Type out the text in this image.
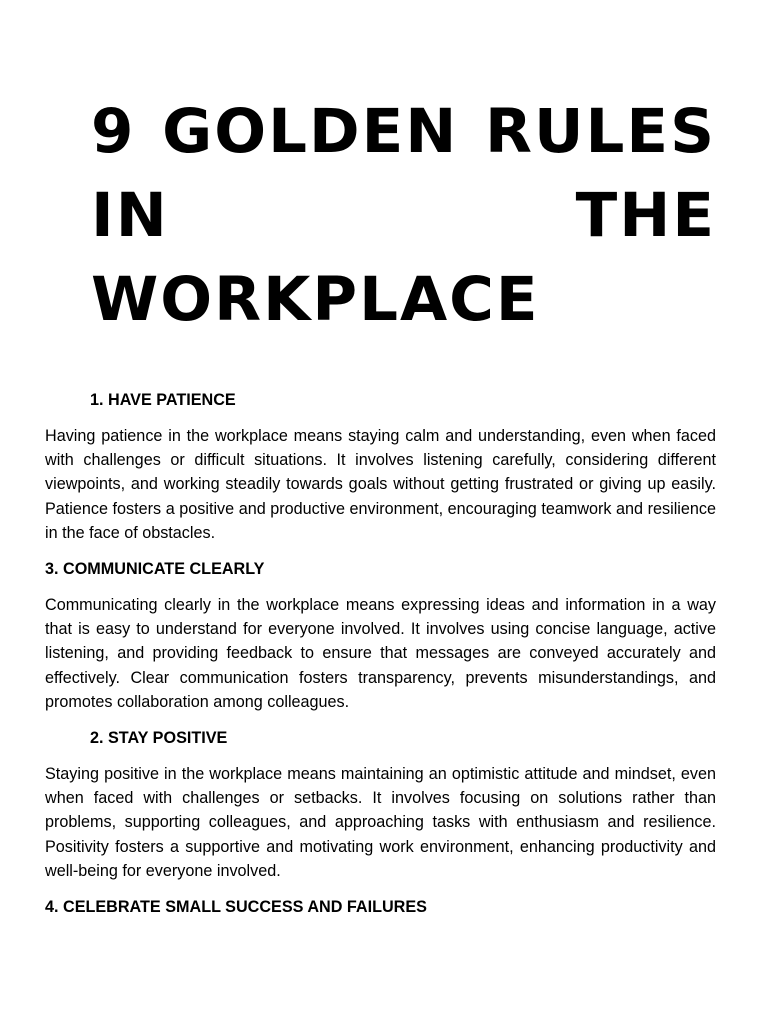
9 GOLDEN RULES
IN THE
WORKPLACE
1. HAVE PATIENCE

Having patience in the workplace means staying calm and understanding, even when faced with challenges or difficult situations. It involves listening carefully, considering different viewpoints, and working steadily towards goals without getting frustrated or giving up easily. Patience fosters a positive and productive environment, encouraging teamwork and resilience in the face of obstacles.

3. COMMUNICATE CLEARLY

Communicating clearly in the workplace means expressing ideas and information in a way that is easy to understand for everyone involved. It involves using concise language, active listening, and providing feedback to ensure that messages are conveyed accurately and effectively. Clear communication fosters transparency, prevents misunderstandings, and promotes collaboration among colleagues.

2. STAY POSITIVE

Staying positive in the workplace means maintaining an optimistic attitude and mindset, even when faced with challenges or setbacks. It involves focusing on solutions rather than problems, supporting colleagues, and approaching tasks with enthusiasm and resilience. Positivity fosters a supportive and motivating work environment, enhancing productivity and well-being for everyone involved.

4. CELEBRATE SMALL SUCCESS AND FAILURES
